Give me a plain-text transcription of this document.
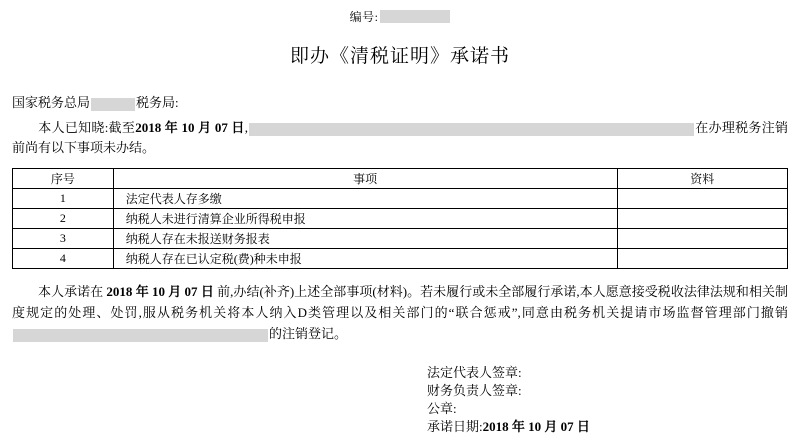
编号:
即办《清税证明》承诺书
国家税务总局	税务局:
本人已知晓:截至2018 年 10 月 07 日,	在办理税务注销前尚有以下事项未办结。
序号	事项	资料
1	法定代表人存多缴	
2	纳税人未进行清算企业所得税申报	
3	纳税人存在未报送财务报表	
4	纳税人存在已认定税(费)种未申报	
本人承诺在 2018 年 10 月 07 日 前,办结(补齐)上述全部事项(材料)。若未履行或未全部履行承诺,本人愿意接受税收法律法规和相关制度规定的处理、处罚,服从税务机关将本人纳入D类管理以及相关部门的“联合惩戒”,同意由税务机关提请市场监督管理部门撤销的注销登记。
法定代表人签章:
财务负责人签章:
公章:
承诺日期:2018 年 10 月 07 日
